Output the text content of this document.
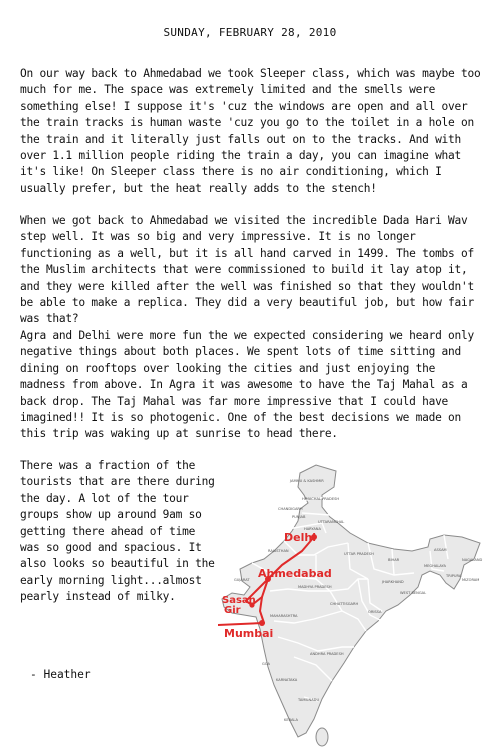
SUNDAY, FEBRUARY 28, 2010

On our way back to Ahmedabad we took Sleeper class, which was maybe too much for me. The space was extremely limited and the smells were something else! I suppose it's 'cuz the windows are open and all over the train tracks is human waste 'cuz you go to the toilet in a hole on the train and it literally just falls out on to the tracks. And with over 1.1 million people riding the train a day, you can imagine what it's like! On Sleeper class there is no air conditioning, which I usually prefer, but the heat really adds to the stench!

When we got back to Ahmedabad we visited the incredible Dada Hari Wav step well. It was so big and very impressive. It is no longer functioning as a well, but it is all hand carved in 1499. The tombs of the Muslim architects that were commissioned to build it lay atop it, and they were killed after the well was finished so that they wouldn't be able to make a replica. They did a very beautiful job, but how fair was that?

Agra and Delhi were more fun the we expected considering we heard only negative things about both places. We spent lots of time sitting and dining on rooftops over looking the cities and just enjoying the madness from above. In Agra it was awesome to have the Taj Mahal as a back drop. The Taj Mahal was far more impressive that I could have imagined!! It is so photogenic. One of the best decisions we made on this trip was waking up at sunrise to head there.

There was a fraction of the tourists that are there during the day. A lot of the tour groups show up around 9am so getting there ahead of time was so good and spacious. It also looks so beautiful in the early morning light...almost pearly instead of milky.
- Heather
JAMMU & KASHMIR
HIMACHAL PRADESH
CHANDIGARH
PUNJAB
UTTARANCHAL
HARYANA
RAJASTHAN
UTTAR PRADESH
BIHAR
ASSAM
NAGALAND
MEGHALAYA
TRIPURA
MIZORAM
GUJARAT
MADHYA PRADESH
JHARKHAND
WEST BENGAL
ORISSA
CHHATTISGARH
MAHARASHTRA
ANDHRA PRADESH
GOA
KARNATAKA
TAMILNADU
KERALA
Delhi
Ahmedabad
Sasan
Gir
Mumbai
